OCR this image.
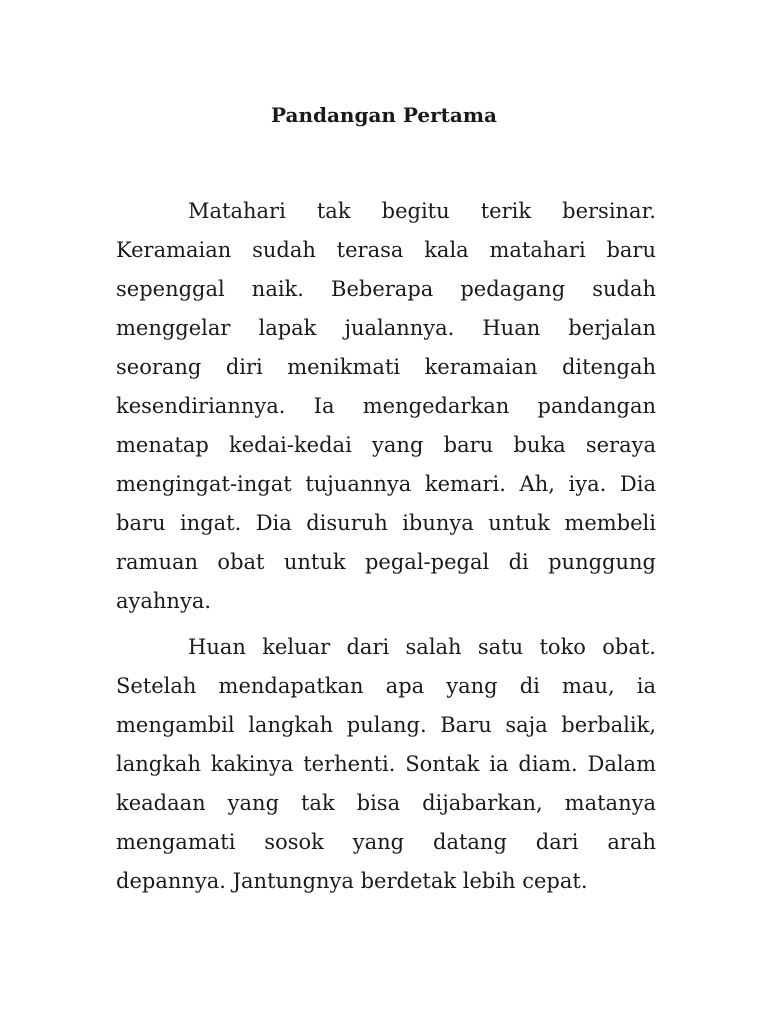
Pandangan Pertama

Matahari tak begitu terik bersinar. Keramaian sudah terasa kala matahari baru sepenggal naik. Beberapa pedagang sudah menggelar lapak jualannya. Huan berjalan seorang diri menikmati keramaian ditengah kesendiriannya. Ia mengedarkan pandangan menatap kedai-kedai yang baru buka seraya mengingat-ingat tujuannya kemari. Ah, iya. Dia baru ingat. Dia disuruh ibunya untuk membeli ramuan obat untuk pegal-pegal di punggung ayahnya.

Huan keluar dari salah satu toko obat. Setelah mendapatkan apa yang di mau, ia mengambil langkah pulang. Baru saja berbalik, langkah kakinya terhenti. Sontak ia diam. Dalam keadaan yang tak bisa dijabarkan, matanya mengamati sosok yang datang dari arah depannya. Jantungnya berdetak lebih cepat.
